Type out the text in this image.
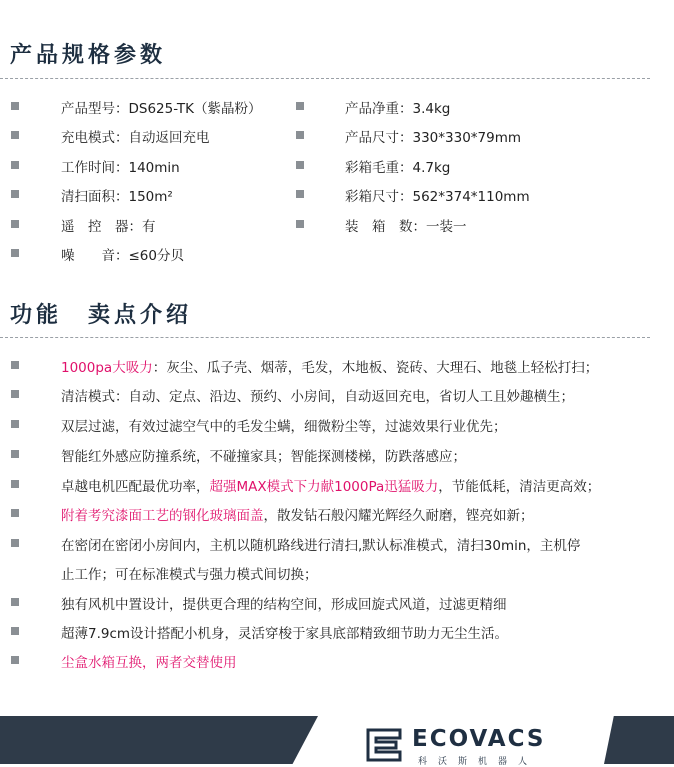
产品规格参数
产品型号：DS625-TK（紫晶粉）
充电模式：自动返回充电
工作时间：140min
清扫面积：150m²
遥　控　器：有
噪　　音：≤60分贝
产品净重：3.4kg
产品尺寸：330*330*79mm
彩箱毛重：4.7kg
彩箱尺寸：562*374*110mm
装　箱　数：一装一
功能　卖点介绍
1000pa大吸力：灰尘、瓜子壳、烟蒂，毛发，木地板、瓷砖、大理石、地毯上轻松打扫；
清洁模式：自动、定点、沿边、预约、小房间，自动返回充电，省切人工且妙趣横生；
双层过滤，有效过滤空气中的毛发尘螨，细微粉尘等，过滤效果行业优先；
智能红外感应防撞系统，不碰撞家具；智能探测楼梯，防跌落感应；
卓越电机匹配最优功率，超强MAX模式下力献1000Pa迅猛吸力，节能低耗，清洁更高效；
附着考究漆面工艺的钢化玻璃面盖，散发钻石般闪耀光辉经久耐磨，铿亮如新；
在密闭在密闭小房间内，主机以随机路线进行清扫,默认标准模式，清扫30min，主机停
止工作；可在标准模式与强力模式间切换；
独有风机中置设计，提供更合理的结构空间，形成回旋式风道，过滤更精细
超薄7.9cm设计搭配小机身，灵活穿梭于家具底部精致细节助力无尘生活。
尘盒水箱互换，两者交替使用
ECOVACS
科沃斯机器人
